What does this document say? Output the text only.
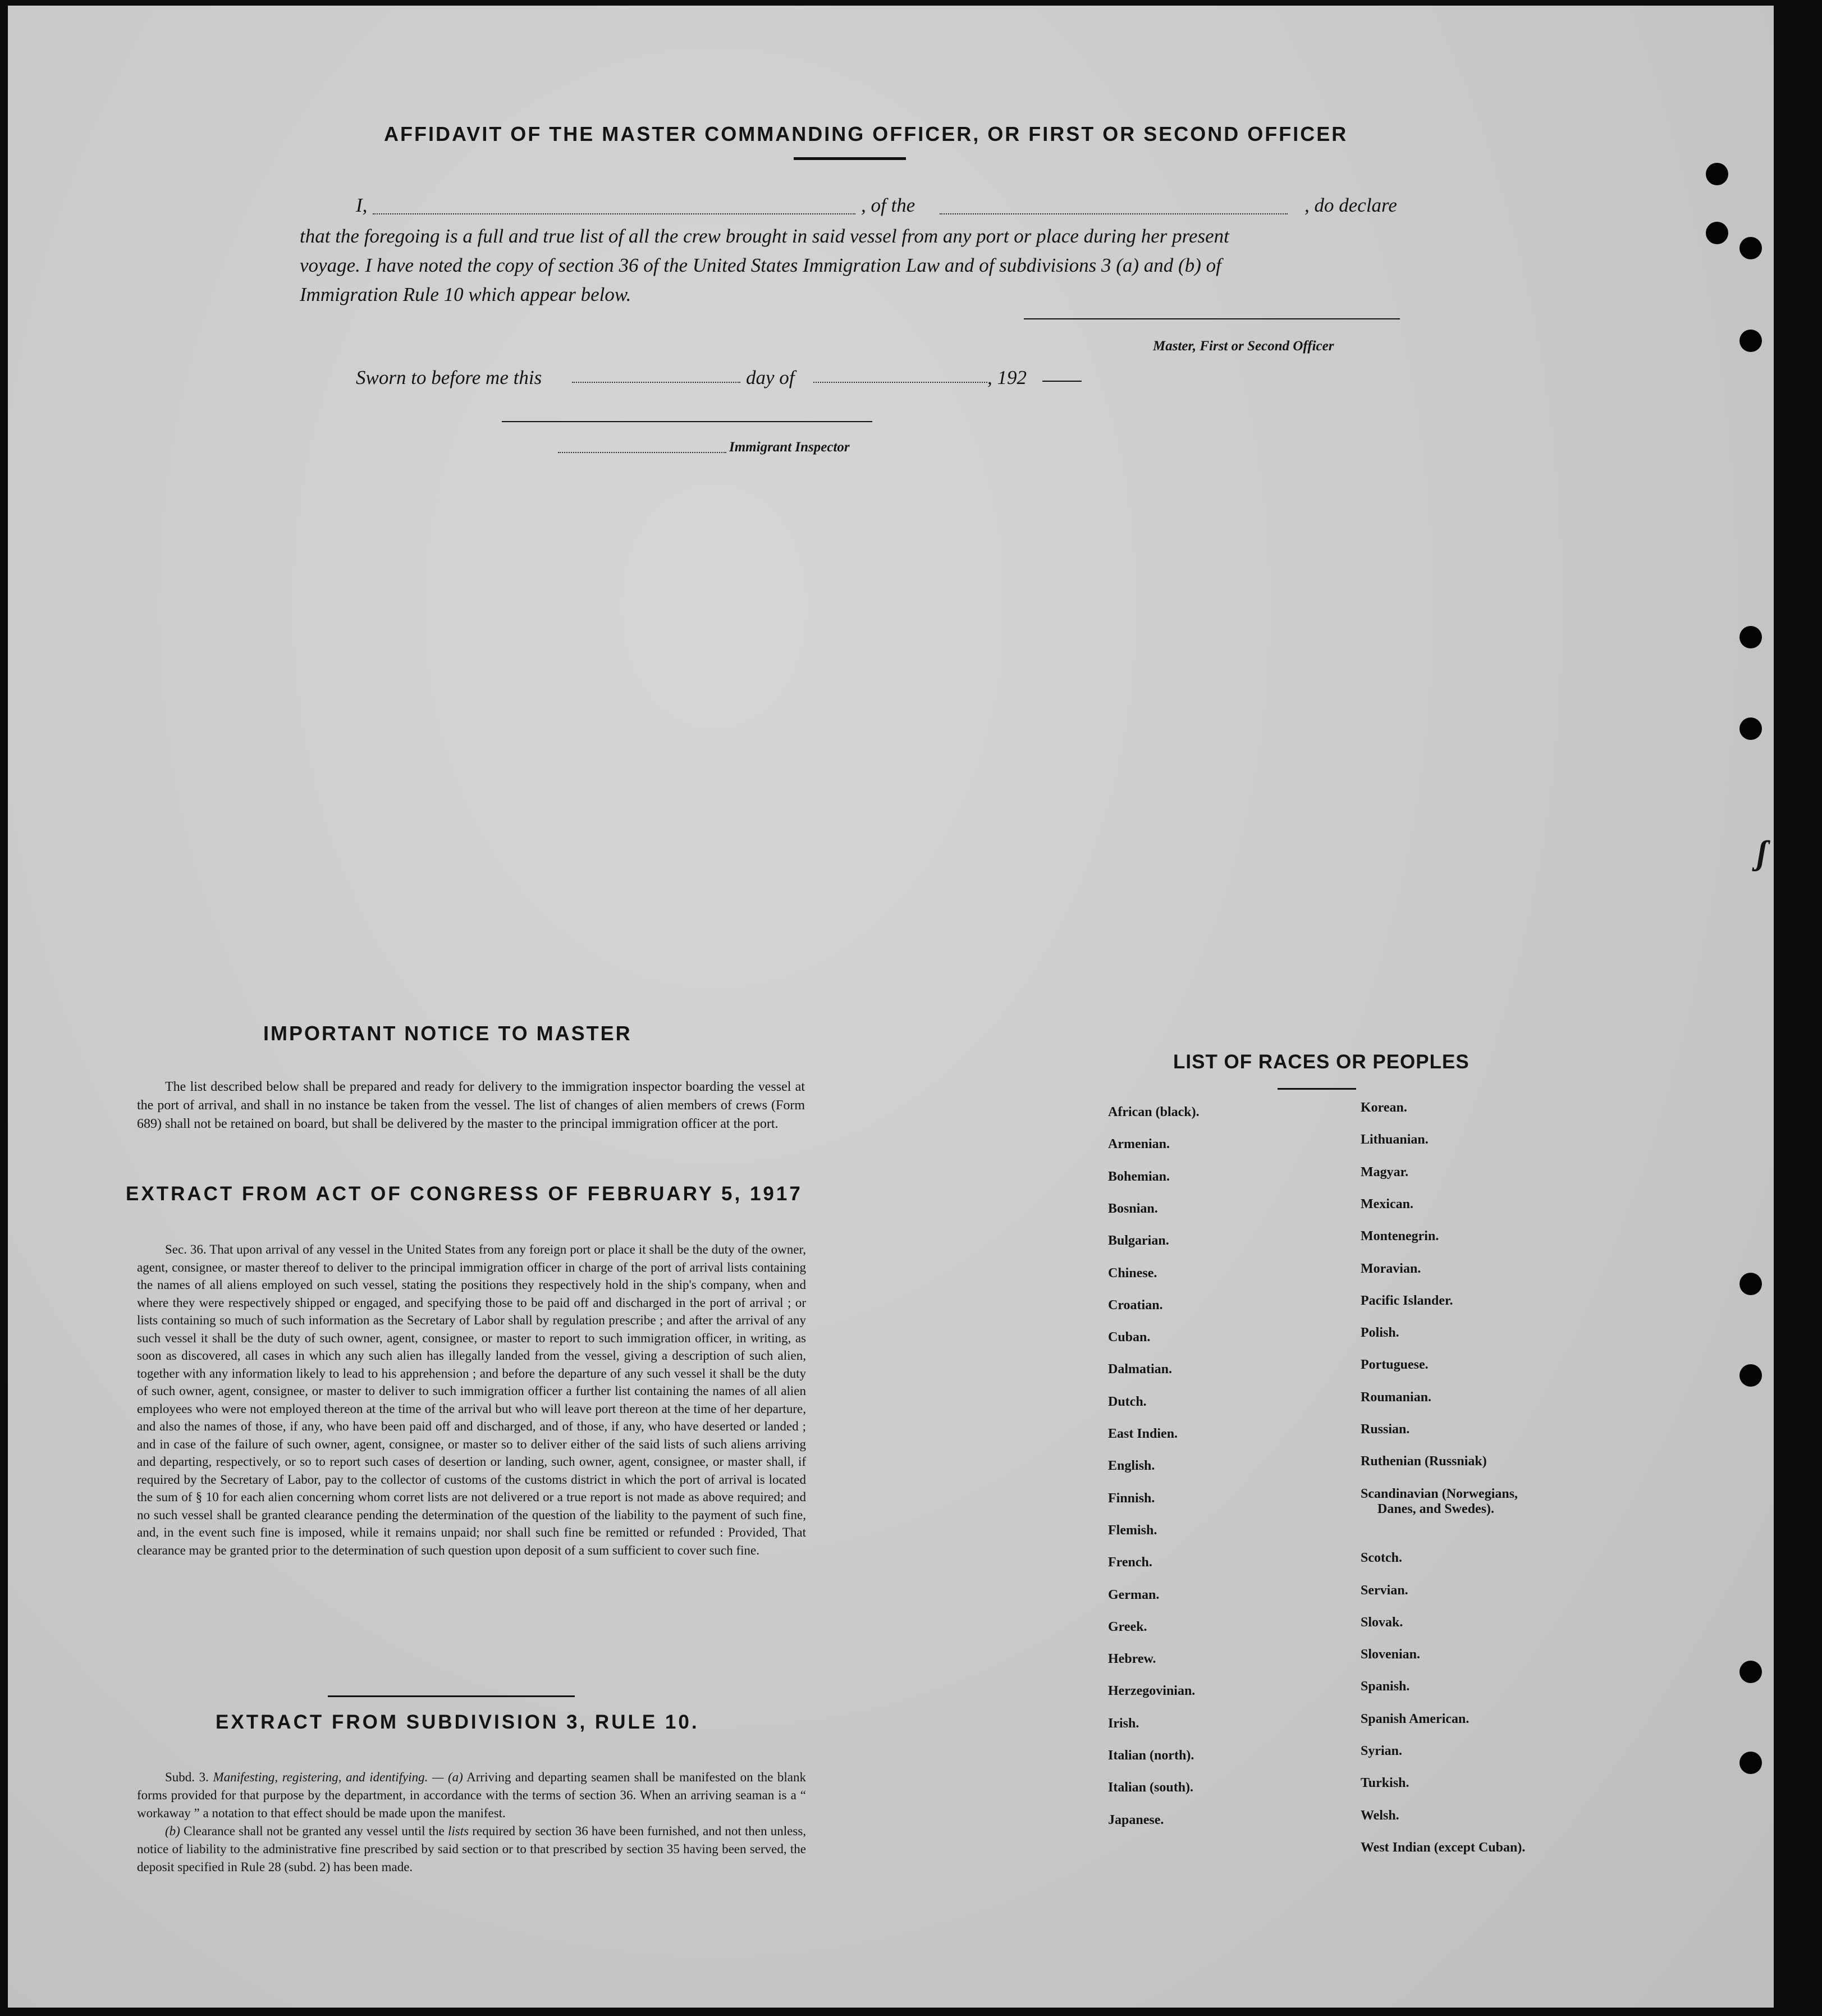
AFFIDAVIT OF THE MASTER COMMANDING OFFICER, OR FIRST OR SECOND OFFICER
I,	, of the	, do declare
that the foregoing is a full and true list of all the crew brought in said vessel from any port or place during her present
voyage. I have noted the copy of section 36 of the United States Immigration Law and of subdivisions 3 (a) and (b) of
Immigration Rule 10 which appear below.
Master, First or Second Officer
Sworn to before me this	day of	, 192
Immigrant Inspector
IMPORTANT NOTICE TO MASTER
The list described below shall be prepared and ready for delivery to the immigration inspector boarding the vessel at the port of arrival, and shall in no instance be taken from the vessel. The list of changes of alien members of crews (Form 689) shall not be retained on board, but shall be delivered by the master to the principal immigration officer at the port.
EXTRACT FROM ACT OF CONGRESS OF FEBRUARY 5, 1917
Sec. 36. That upon arrival of any vessel in the United States from any foreign port or place it shall be the duty of the owner, agent, consignee, or master thereof to deliver to the principal immigration officer in charge of the port of arrival lists containing the names of all aliens employed on such vessel, stating the positions they respectively hold in the ship's company, when and where they were respectively shipped or engaged, and specifying those to be paid off and discharged in the port of arrival ; or lists containing so much of such information as the Secretary of Labor shall by regulation prescribe ; and after the arrival of any such vessel it shall be the duty of such owner, agent, consignee, or master to report to such immigration officer, in writing, as soon as discovered, all cases in which any such alien has illegally landed from the vessel, giving a description of such alien, together with any information likely to lead to his apprehension ; and before the departure of any such vessel it shall be the duty of such owner, agent, consignee, or master to deliver to such immigration officer a further list containing the names of all alien employees who were not employed thereon at the time of the arrival but who will leave port thereon at the time of her departure, and also the names of those, if any, who have been paid off and discharged, and of those, if any, who have deserted or landed ; and in case of the failure of such owner, agent, consignee, or master so to deliver either of the said lists of such aliens arriving and departing, respectively, or so to report such cases of desertion or landing, such owner, agent, consignee, or master shall, if required by the Secretary of Labor, pay to the collector of customs of the customs district in which the port of arrival is located the sum of § 10 for each alien concerning whom corret lists are not delivered or a true report is not made as above required; and no such vessel shall be granted clearance pending the determination of the question of the liability to the payment of such fine, and, in the event such fine is imposed, while it remains unpaid; nor shall such fine be remitted or refunded : Provided, That clearance may be granted prior to the determination of such question upon deposit of a sum sufficient to cover such fine.
EXTRACT FROM SUBDIVISION 3, RULE 10.
Subd. 3. Manifesting, registering, and identifying. — (a) Arriving and departing seamen shall be manifested on the blank forms provided for that purpose by the department, in accordance with the terms of section 36. When an arriving seaman is a “ workaway ” a notation to that effect should be made upon the manifest.
(b) Clearance shall not be granted any vessel until the lists required by section 36 have been furnished, and not then unless, notice of liability to the administrative fine prescribed by said section or to that prescribed by section 35 having been served, the deposit specified in Rule 28 (subd. 2) has been made.
LIST OF RACES OR PEOPLES
African (black).
Armenian.
Bohemian.
Bosnian.
Bulgarian.
Chinese.
Croatian.
Cuban.
Dalmatian.
Dutch.
East Indien.
English.
Finnish.
Flemish.
French.
German.
Greek.
Hebrew.
Herzegovinian.
Irish.
Italian (north).
Italian (south).
Japanese.
Korean.
Lithuanian.
Magyar.
Mexican.
Montenegrin.
Moravian.
Pacific Islander.
Polish.
Portuguese.
Roumanian.
Russian.
Ruthenian (Russniak)
Scandinavian (Norwegians,
Danes, and Swedes).
Scotch.
Servian.
Slovak.
Slovenian.
Spanish.
Spanish American.
Syrian.
Turkish.
Welsh.
West Indian (except Cuban).
ʃ
